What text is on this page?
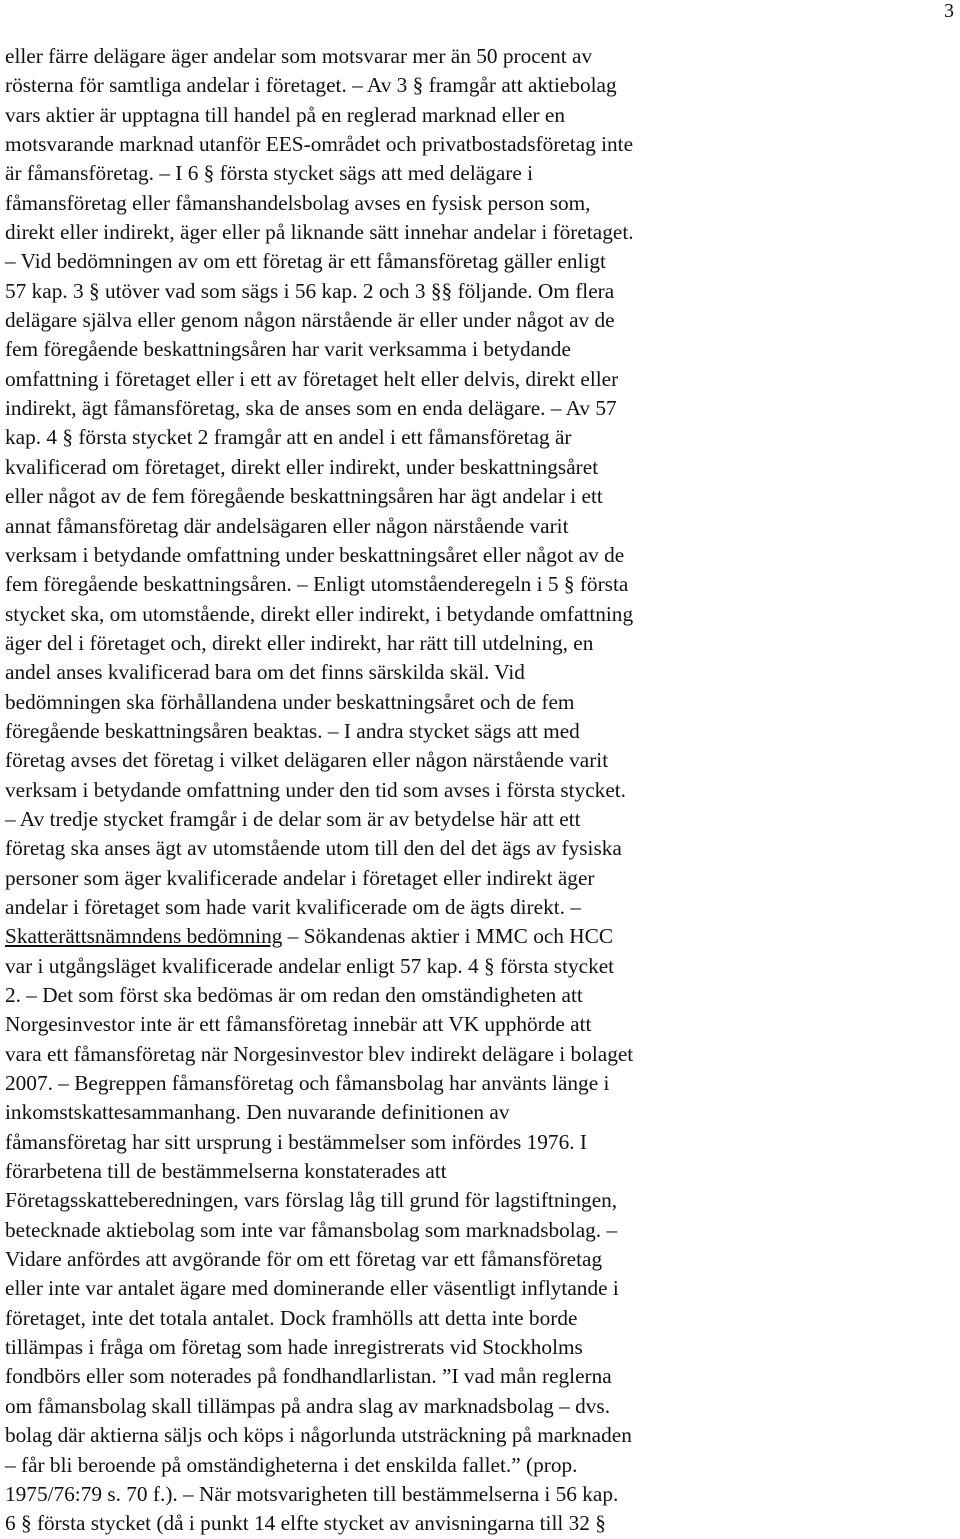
3
eller färre delägare äger andelar som motsvarar mer än 50 procent av
rösterna för samtliga andelar i företaget. – Av 3 § framgår att aktiebolag
vars aktier är upptagna till handel på en reglerad marknad eller en
motsvarande marknad utanför EES-området och privatbostadsföretag inte
är fåmansföretag. – I 6 § första stycket sägs att med delägare i
fåmansföretag eller fåmanshandelsbolag avses en fysisk person som,
direkt eller indirekt, äger eller på liknande sätt innehar andelar i företaget.
– Vid bedömningen av om ett företag är ett fåmansföretag gäller enligt
57 kap. 3 § utöver vad som sägs i 56 kap. 2 och 3 §§ följande. Om flera
delägare själva eller genom någon närstående är eller under något av de
fem föregående beskattningsåren har varit verksamma i betydande
omfattning i företaget eller i ett av företaget helt eller delvis, direkt eller
indirekt, ägt fåmansföretag, ska de anses som en enda delägare. – Av 57
kap. 4 § första stycket 2 framgår att en andel i ett fåmansföretag är
kvalificerad om företaget, direkt eller indirekt, under beskattningsåret
eller något av de fem föregående beskattningsåren har ägt andelar i ett
annat fåmansföretag där andelsägaren eller någon närstående varit
verksam i betydande omfattning under beskattningsåret eller något av de
fem föregående beskattningsåren. – Enligt utomståenderegeln i 5 § första
stycket ska, om utomstående, direkt eller indirekt, i betydande omfattning
äger del i företaget och, direkt eller indirekt, har rätt till utdelning, en
andel anses kvalificerad bara om det finns särskilda skäl. Vid
bedömningen ska förhållandena under beskattningsåret och de fem
föregående beskattningsåren beaktas. – I andra stycket sägs att med
företag avses det företag i vilket delägaren eller någon närstående varit
verksam i betydande omfattning under den tid som avses i första stycket.
– Av tredje stycket framgår i de delar som är av betydelse här att ett
företag ska anses ägt av utomstående utom till den del det ägs av fysiska
personer som äger kvalificerade andelar i företaget eller indirekt äger
andelar i företaget som hade varit kvalificerade om de ägts direkt. –
Skatterättsnämndens bedömning – Sökandenas aktier i MMC och HCC
var i utgångsläget kvalificerade andelar enligt 57 kap. 4 § första stycket
2. – Det som först ska bedömas är om redan den omständigheten att
Norgesinvestor inte är ett fåmansföretag innebär att VK upphörde att
vara ett fåmansföretag när Norgesinvestor blev indirekt delägare i bolaget
2007. – Begreppen fåmansföretag och fåmansbolag har använts länge i
inkomstskattesammanhang. Den nuvarande definitionen av
fåmansföretag har sitt ursprung i bestämmelser som infördes 1976. I
förarbetena till de bestämmelserna konstaterades att
Företagsskatteberedningen, vars förslag låg till grund för lagstiftningen,
betecknade aktiebolag som inte var fåmansbolag som marknadsbolag. –
Vidare anfördes att avgörande för om ett företag var ett fåmansföretag
eller inte var antalet ägare med dominerande eller väsentligt inflytande i
företaget, inte det totala antalet. Dock framhölls att detta inte borde
tillämpas i fråga om företag som hade inregistrerats vid Stockholms
fondbörs eller som noterades på fondhandlarlistan. ”I vad mån reglerna
om fåmansbolag skall tillämpas på andra slag av marknadsbolag – dvs.
bolag där aktierna säljs och köps i någorlunda utsträckning på marknaden
– får bli beroende på omständigheterna i det enskilda fallet.” (prop.
1975/76:79 s. 70 f.). – När motsvarigheten till bestämmelserna i 56 kap.
6 § första stycket (då i punkt 14 elfte stycket av anvisningarna till 32 §
